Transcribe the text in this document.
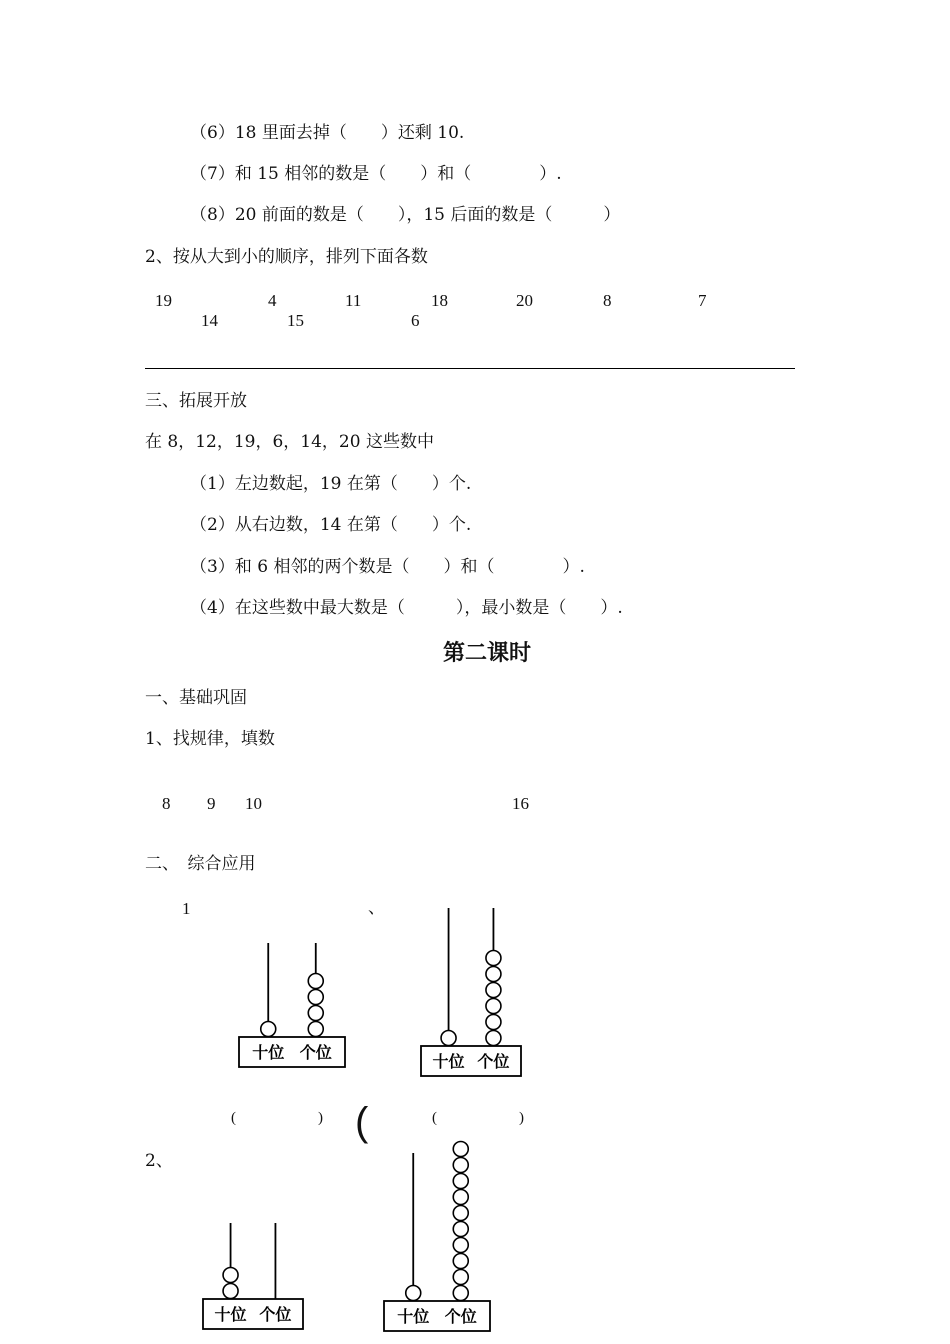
（6）18 里面去掉（　　）还剩 10.
（7）和 15 相邻的数是（　　）和（　　　　）.
（8）20 前面的数是（　　），15 后面的数是（　　　）
2、按从大到小的顺序，排列下面各数
19	4	11	18	20	8	7
14	15	6
三、拓展开放
在 8，12，19，6，14，20 这些数中
（1）左边数起，19 在第（　　）个.
（2）从右边数，14 在第（　　）个.
（3）和 6 相邻的两个数是（　　）和（　　　　）.
（4）在这些数中最大数是（　　　），最小数是（　　）.
第二课时
一、基础巩固
1、找规律，填数
8 9 10	16
二、　综合应用
1	、
十位 个位	十位 个位
(	) (	(	)
2、
十位 个位	十位 个位
